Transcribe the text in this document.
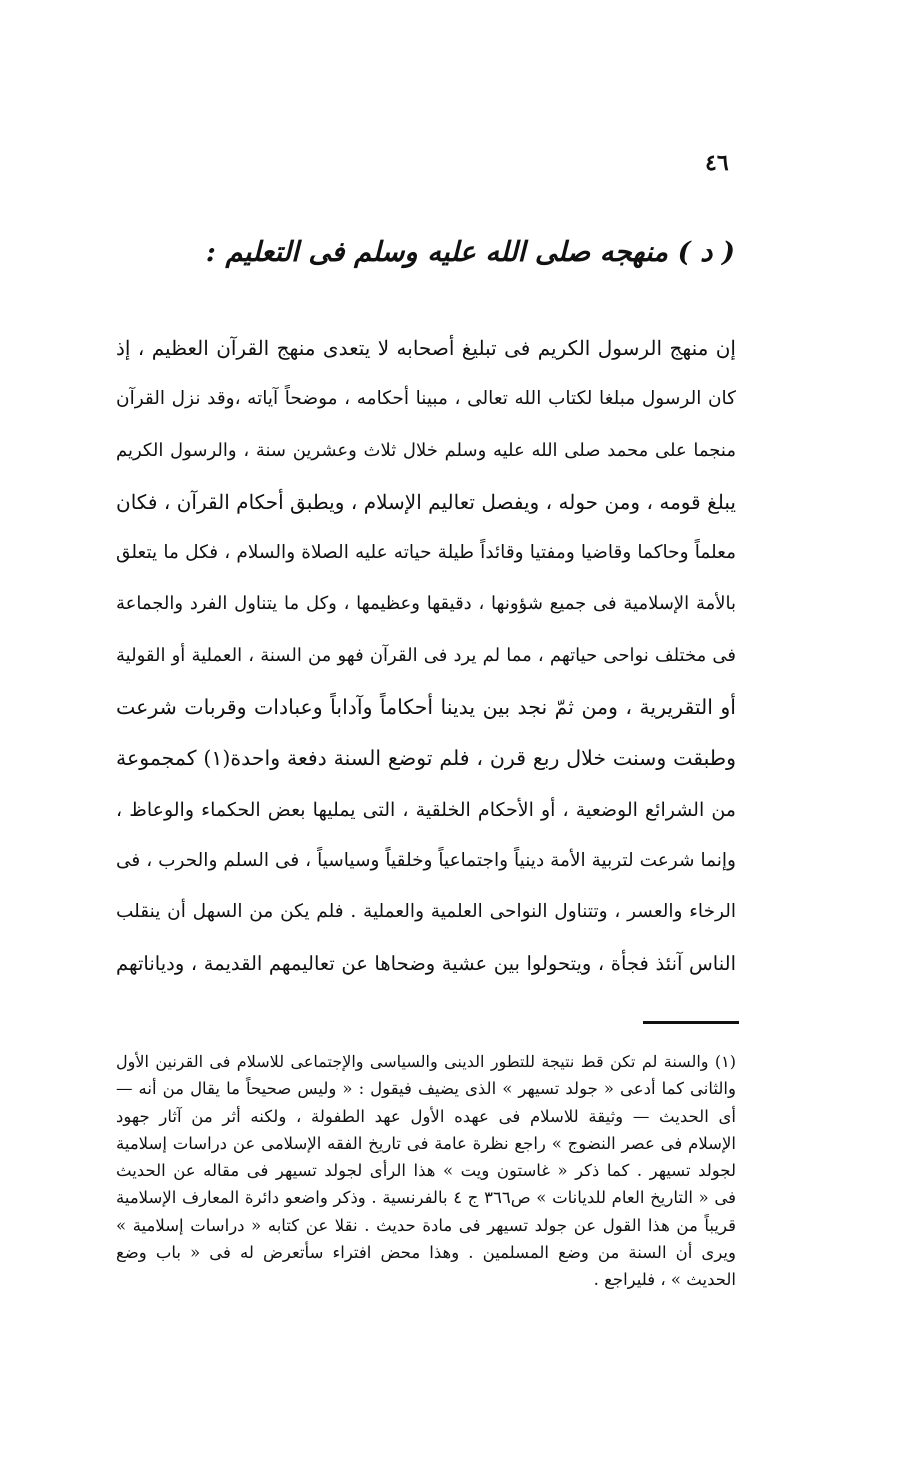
٤٦
( د ) منهجه صلى الله عليه وسلم فى التعليم :
إن منهج الرسول الكريم فى تبليغ أصحابه لا يتعدى منهج القرآن العظيم ، إذ
كان الرسول مبلغا لكتاب الله تعالى ، مبينا أحكامه ، موضحاً آياته ،وقد نزل القرآن
منجما على محمد صلى الله عليه وسلم خلال ثلاث وعشرين سنة ، والرسول الكريم
يبلغ قومه ، ومن حوله ، ويفصل تعاليم الإسلام ، ويطبق أحكام القرآن ، فكان
معلماً وحاكما وقاضيا ومفتيا وقائداً طيلة حياته عليه الصلاة والسلام ، فكل ما يتعلق
بالأمة الإسلامية فى جميع شؤونها ، دقيقها وعظيمها ، وكل ما يتناول الفرد والجماعة
فى مختلف نواحى حياتهم ، مما لم يرد فى القرآن فهو من السنة ، العملية أو القولية
أو التقريرية ، ومن ثمّ نجد بين يدينا أحكاماً وآداباً وعبادات وقربات شرعت
وطبقت وسنت خلال ربع قرن ، فلم توضع السنة دفعة واحدة(١) كمجموعة
من الشرائع الوضعية ، أو الأحكام الخلقية ، التى يمليها بعض الحكماء والوعاظ ،
وإنما شرعت لتربية الأمة دينياً واجتماعياً وخلقياً وسياسياً ، فى السلم والحرب ، فى
الرخاء والعسر ، وتتناول النواحى العلمية والعملية . فلم يكن من السهل أن ينقلب
الناس آنئذ فجأة ، ويتحولوا بين عشية وضحاها عن تعاليمهم القديمة ، ودياناتهم
(١) والسنة لم تكن قط نتيجة للتطور الدينى والسياسى والإجتماعى للاسلام فى القرنين الأول
والثانى كما أدعى « جولد تسيهر » الذى يضيف فيقول : « وليس صحيحاً ما يقال من أنه —
أى الحديث — وثيقة للاسلام فى عهده الأول عهد الطفولة ، ولكنه أثر من آثار جهود
الإسلام فى عصر النضوج » راجع نظرة عامة فى تاريخ الفقه الإسلامى عن دراسات إسلامية
لجولد تسيهر . كما ذكر « غاستون ويت » هذا الرأى لجولد تسيهر فى مقاله عن الحديث
فى « التاريخ العام للديانات » ص٣٦٦ ج ٤ بالفرنسية . وذكر واضعو دائرة المعارف الإسلامية
قريباً من هذا القول عن جولد تسيهر فى مادة حديث . نقلا عن كتابه « دراسات إسلامية »
ويرى أن السنة من وضع المسلمين . وهذا محض افتراء سأتعرض له فى « باب وضع
الحديث » ، فليراجع .
